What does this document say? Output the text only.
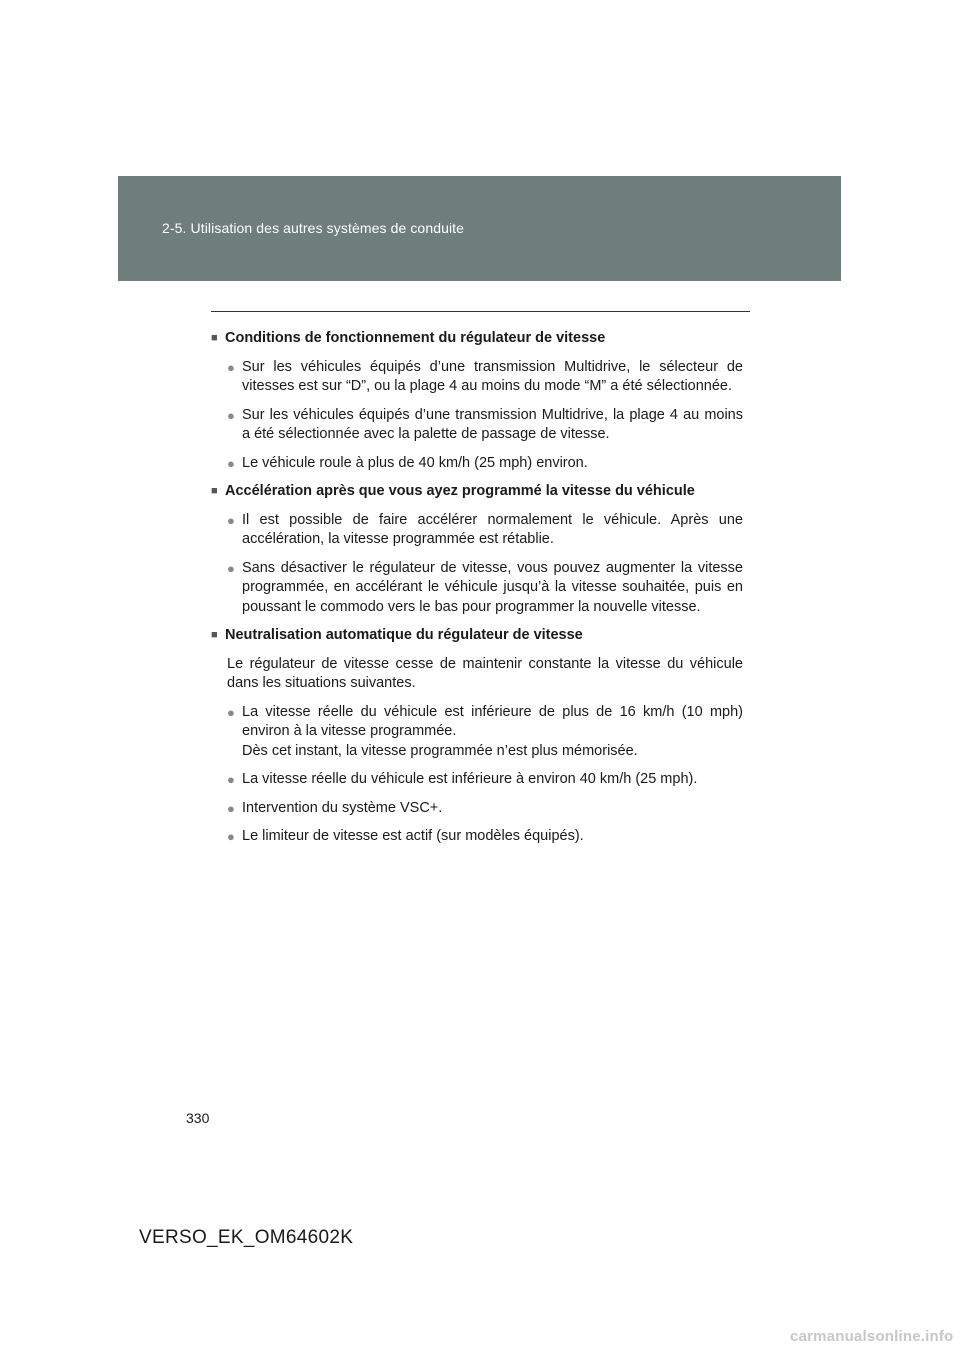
2-5. Utilisation des autres systèmes de conduite
■ Conditions de fonctionnement du régulateur de vitesse
● Sur les véhicules équipés d’une transmission Multidrive, le sélecteur de vitesses est sur “D”, ou la plage 4 au moins du mode “M” a été sélectionnée.
● Sur les véhicules équipés d’une transmission Multidrive, la plage 4 au moins a été sélectionnée avec la palette de passage de vitesse.
● Le véhicule roule à plus de 40 km/h (25 mph) environ.
■ Accélération après que vous ayez programmé la vitesse du véhicule
● Il est possible de faire accélérer normalement le véhicule. Après une accélération, la vitesse programmée est rétablie.
● Sans désactiver le régulateur de vitesse, vous pouvez augmenter la vitesse programmée, en accélérant le véhicule jusqu’à la vitesse souhaitée, puis en poussant le commodo vers le bas pour programmer la nouvelle vitesse.
■ Neutralisation automatique du régulateur de vitesse
Le régulateur de vitesse cesse de maintenir constante la vitesse du véhicule dans les situations suivantes.
● La vitesse réelle du véhicule est inférieure de plus de 16 km/h (10 mph) environ à la vitesse programmée.
Dès cet instant, la vitesse programmée n’est plus mémorisée.
● La vitesse réelle du véhicule est inférieure à environ 40 km/h (25 mph).
● Intervention du système VSC+.
● Le limiteur de vitesse est actif (sur modèles équipés).
330
VERSO_EK_OM64602K
carmanualsonline.info
